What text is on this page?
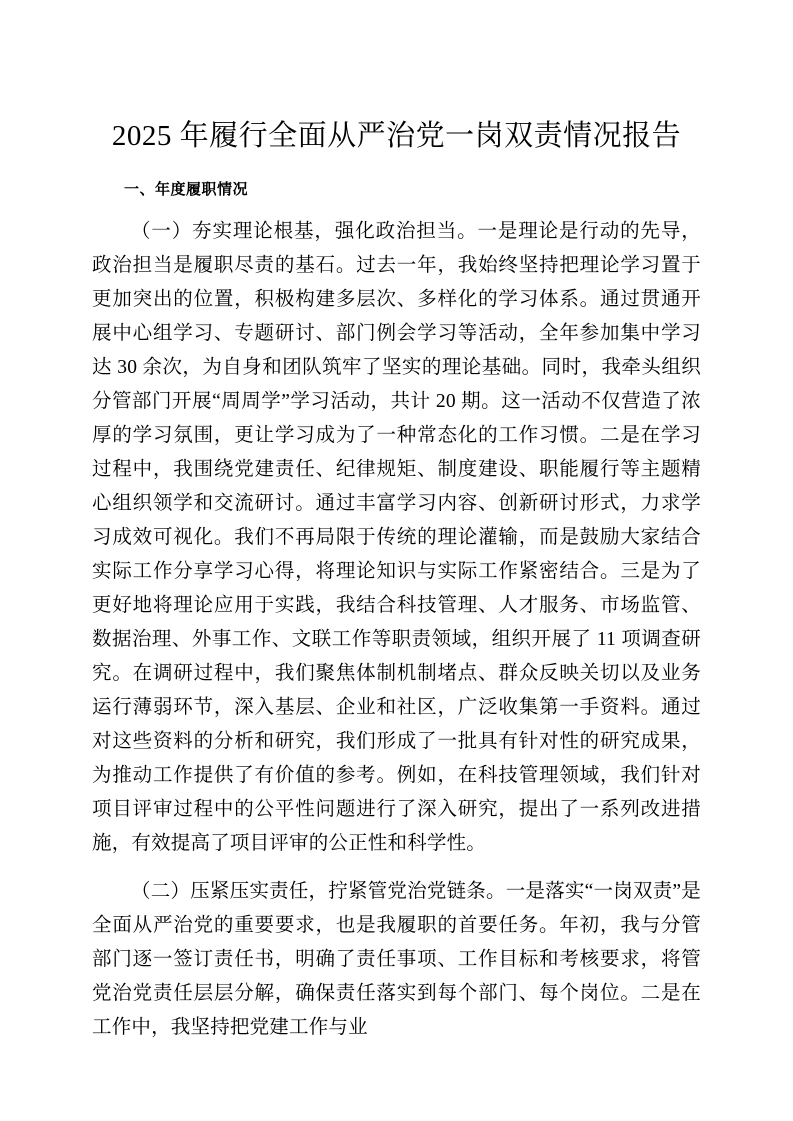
2025 年履行全面从严治党一岗双责情况报告
一、年度履职情况

（一）夯实理论根基，强化政治担当。一是理论是行动的先导，政治担当是履职尽责的基石。过去一年，我始终坚持把理论学习置于更加突出的位置，积极构建多层次、多样化的学习体系。通过贯通开展中心组学习、专题研讨、部门例会学习等活动，全年参加集中学习达 30 余次，为自身和团队筑牢了坚实的理论基础。同时，我牵头组织分管部门开展“周周学”学习活动，共计 20 期。这一活动不仅营造了浓厚的学习氛围，更让学习成为了一种常态化的工作习惯。二是在学习过程中，我围绕党建责任、纪律规矩、制度建设、职能履行等主题精心组织领学和交流研讨。通过丰富学习内容、创新研讨形式，力求学习成效可视化。我们不再局限于传统的理论灌输，而是鼓励大家结合实际工作分享学习心得，将理论知识与实际工作紧密结合。三是为了更好地将理论应用于实践，我结合科技管理、人才服务、市场监管、数据治理、外事工作、文联工作等职责领域，组织开展了 11 项调查研究。在调研过程中，我们聚焦体制机制堵点、群众反映关切以及业务运行薄弱环节，深入基层、企业和社区，广泛收集第一手资料。通过对这些资料的分析和研究，我们形成了一批具有针对性的研究成果，为推动工作提供了有价值的参考。例如，在科技管理领域，我们针对项目评审过程中的公平性问题进行了深入研究，提出了一系列改进措施，有效提高了项目评审的公正性和科学性。

（二）压紧压实责任，拧紧管党治党链条。一是落实“一岗双责”是全面从严治党的重要要求，也是我履职的首要任务。年初，我与分管部门逐一签订责任书，明确了责任事项、工作目标和考核要求，将管党治党责任层层分解，确保责任落实到每个部门、每个岗位。二是在工作中，我坚持把党建工作与业
